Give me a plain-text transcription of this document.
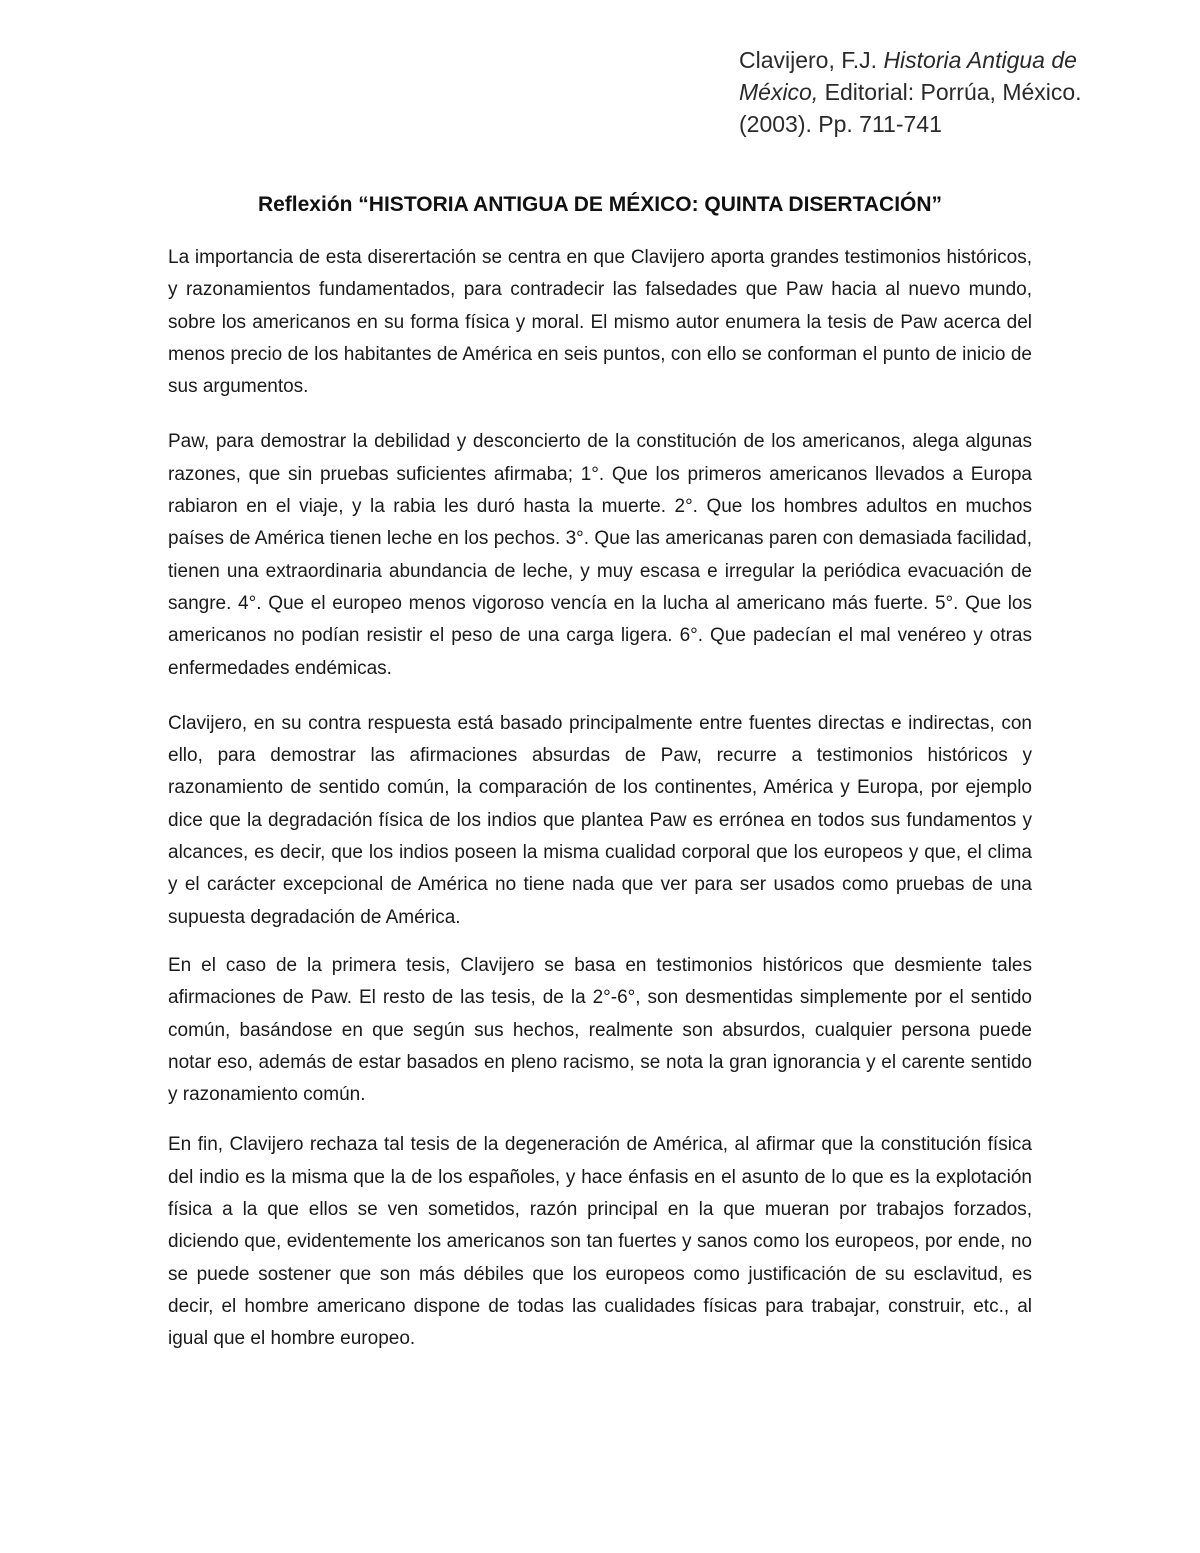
Clavijero, F.J. Historia Antigua de México, Editorial: Porrúa, México. (2003). Pp. 711-741
Reflexión “HISTORIA ANTIGUA DE MÉXICO: QUINTA DISERTACIÓN”

La importancia de esta diserertación se centra en que Clavijero aporta grandes testimonios históricos, y razonamientos fundamentados, para contradecir las falsedades que Paw hacia al nuevo mundo, sobre los americanos en su forma física y moral. El mismo autor enumera la tesis de Paw acerca del menos precio de los habitantes de América en seis puntos, con ello se conforman el punto de inicio de sus argumentos.

Paw, para demostrar la debilidad y desconcierto de la constitución de los americanos, alega algunas razones, que sin pruebas suficientes afirmaba; 1°. Que los primeros americanos llevados a Europa rabiaron en el viaje, y la rabia les duró hasta la muerte. 2°. Que los hombres adultos en muchos países de América tienen leche en los pechos. 3°. Que las americanas paren con demasiada facilidad, tienen una extraordinaria abundancia de leche, y muy escasa e irregular la periódica evacuación de sangre. 4°. Que el europeo menos vigoroso vencía en la lucha al americano más fuerte. 5°. Que los americanos no podían resistir el peso de una carga ligera. 6°. Que padecían el mal venéreo y otras enfermedades endémicas.

Clavijero, en su contra respuesta está basado principalmente entre fuentes directas e indirectas, con ello, para demostrar las afirmaciones absurdas de Paw, recurre a testimonios históricos y razonamiento de sentido común, la comparación de los continentes, América y Europa, por ejemplo dice que la degradación física de los indios que plantea Paw es errónea en todos sus fundamentos y alcances, es decir, que los indios poseen la misma cualidad corporal que los europeos y que, el clima y el carácter excepcional de América no tiene nada que ver para ser usados como pruebas de una supuesta degradación de América.

En el caso de la primera tesis, Clavijero se basa en testimonios históricos que desmiente tales afirmaciones de Paw. El resto de las tesis, de la 2°-6°, son desmentidas simplemente por el sentido común, basándose en que según sus hechos, realmente son absurdos, cualquier persona puede notar eso, además de estar basados en pleno racismo, se nota la gran ignorancia y el carente sentido y razonamiento común.

En fin, Clavijero rechaza tal tesis de la degeneración de América, al afirmar que la constitución física del indio es la misma que la de los españoles, y hace énfasis en el asunto de lo que es la explotación física a la que ellos se ven sometidos, razón principal en la que mueran por trabajos forzados, diciendo que, evidentemente los americanos son tan fuertes y sanos como los europeos, por ende, no se puede sostener que son más débiles que los europeos como justificación de su esclavitud, es decir, el hombre americano dispone de todas las cualidades físicas para trabajar, construir, etc., al igual que el hombre europeo.
